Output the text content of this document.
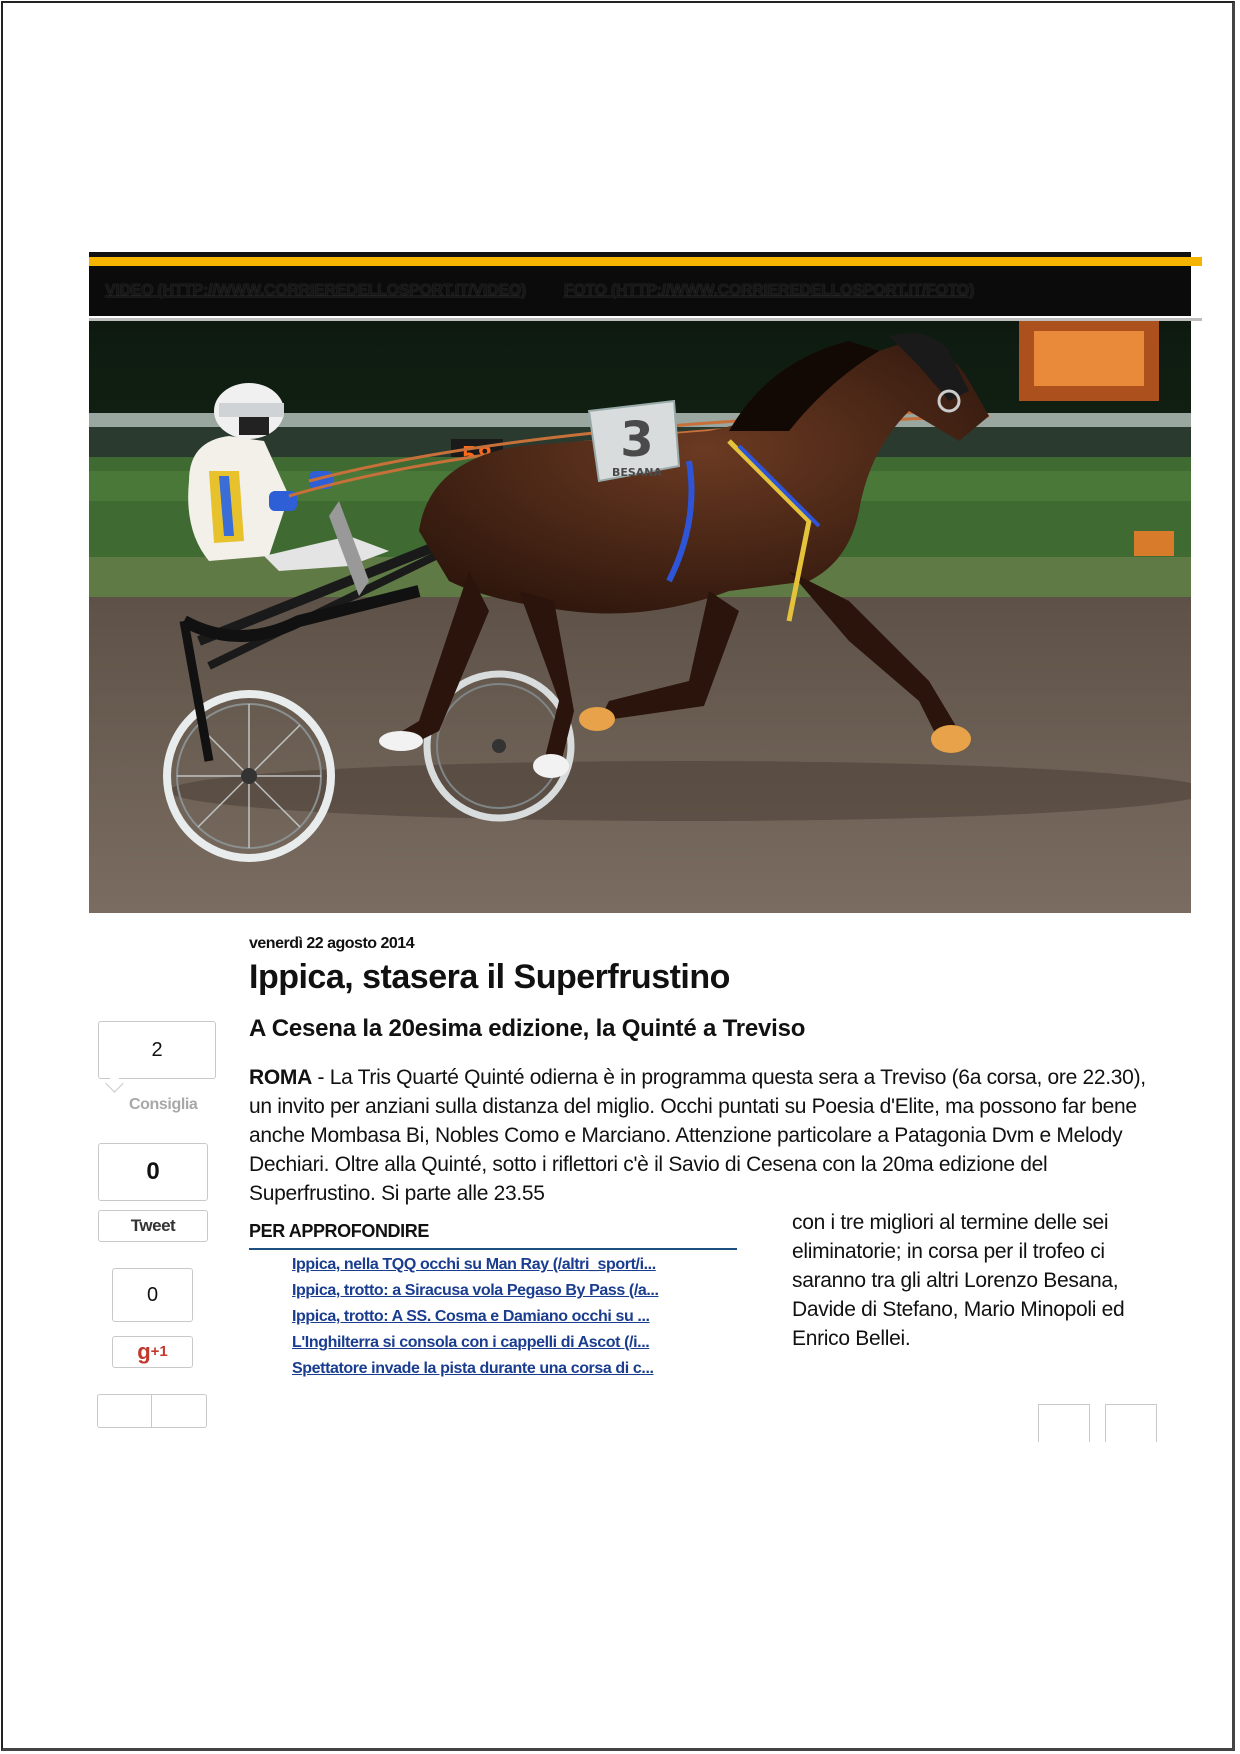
VIDEO (HTTP://WWW.CORRIEREDELLOSPORT.IT/VIDEO) FOTO (HTTP://WWW.CORRIEREDELLOSPORT.IT/FOTO)
3
BESANA
venerdì 22 agosto 2014
Ippica, stasera il Superfrustino
A Cesena la 20esima edizione, la Quinté a Treviso

ROMA - La Tris Quarté Quinté odierna è in programma questa sera a Treviso (6a corsa, ore 22.30), un invito per anziani sulla distanza del miglio. Occhi puntati su Poesia d'Elite, ma possono far bene anche Mombasa Bi, Nobles Como e Marciano. Attenzione particolare a Patagonia Dvm e Melody Dechiari. Oltre alla Quinté, sotto i riflettori c'è il Savio di Cesena con la 20ma edizione del Superfrustino. Si parte alle 23.55

con i tre migliori al termine delle sei eliminatorie; in corsa per il trofeo ci saranno tra gli altri Lorenzo Besana, Davide di Stefano, Mario Minopoli ed Enrico Bellei.

PER APPROFONDIRE
Ippica, nella TQQ occhi su Man Ray (/altri_sport/i...
Ippica, trotto: a Siracusa vola Pegaso By Pass (/a...
Ippica, trotto: A SS. Cosma e Damiano occhi su ...
L'Inghilterra si consola con i cappelli di Ascot (/i...
Spettatore invade la pista durante una corsa di c...
2
Consiglia
0
Tweet
0
g+1
